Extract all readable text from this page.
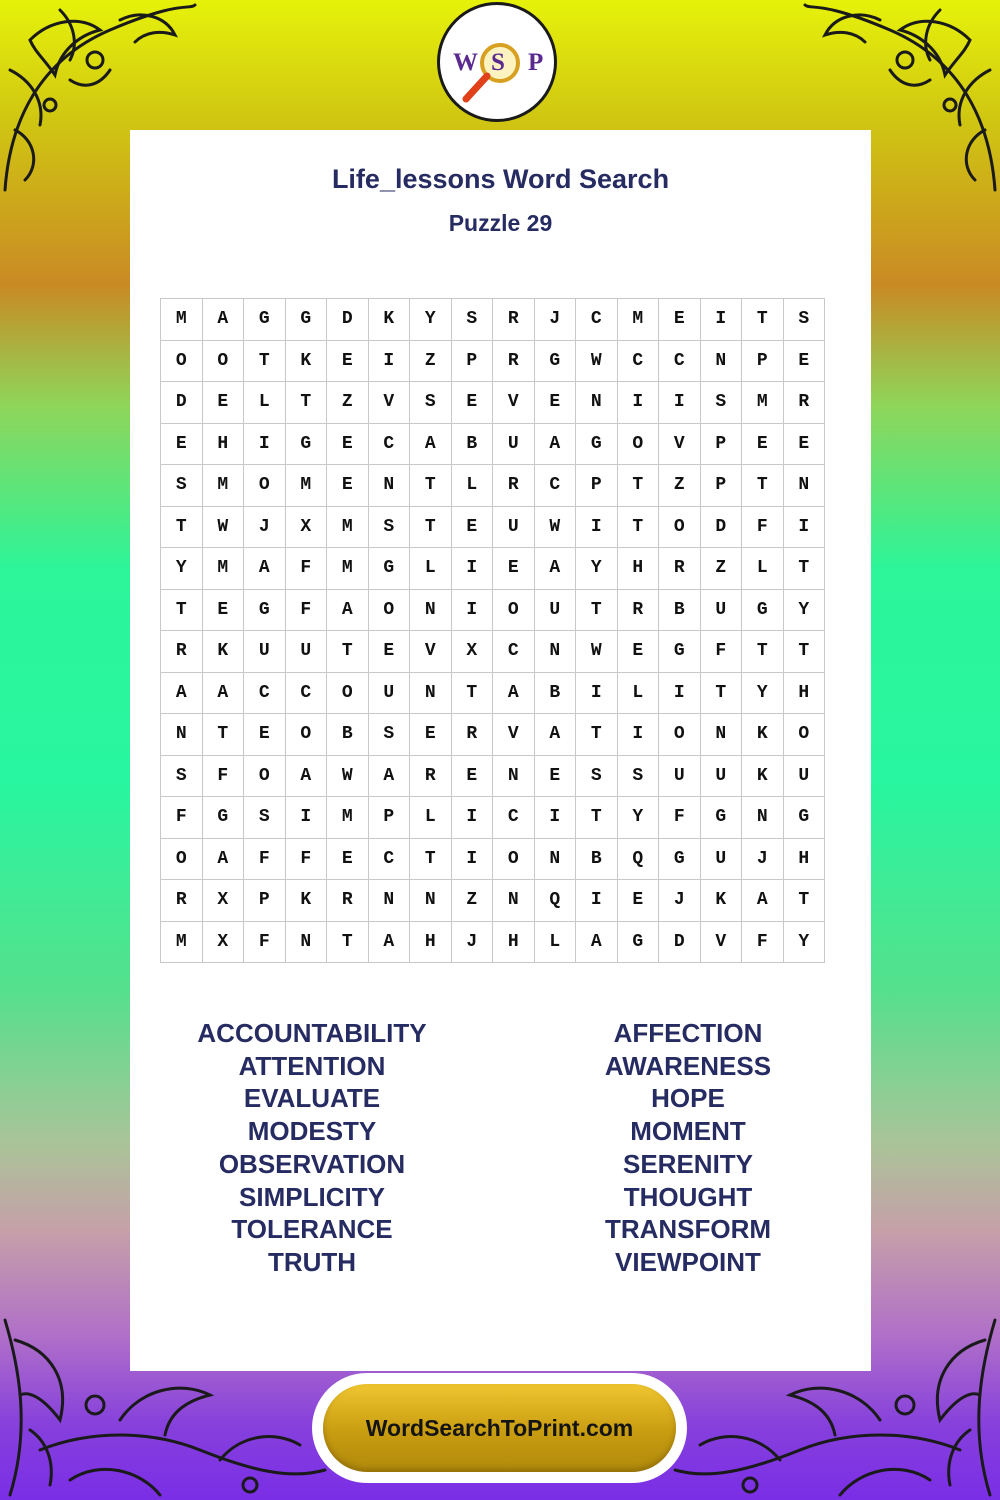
W S P
Life_lessons Word Search
Puzzle 29
M	A	G	G	D	K	Y	S	R	J	C	M	E	I	T	S
O	O	T	K	E	I	Z	P	R	G	W	C	C	N	P	E
D	E	L	T	Z	V	S	E	V	E	N	I	I	S	M	R
E	H	I	G	E	C	A	B	U	A	G	O	V	P	E	E
S	M	O	M	E	N	T	L	R	C	P	T	Z	P	T	N
T	W	J	X	M	S	T	E	U	W	I	T	O	D	F	I
Y	M	A	F	M	G	L	I	E	A	Y	H	R	Z	L	T
T	E	G	F	A	O	N	I	O	U	T	R	B	U	G	Y
R	K	U	U	T	E	V	X	C	N	W	E	G	F	T	T
A	A	C	C	O	U	N	T	A	B	I	L	I	T	Y	H
N	T	E	O	B	S	E	R	V	A	T	I	O	N	K	O
S	F	O	A	W	A	R	E	N	E	S	S	U	U	K	U
F	G	S	I	M	P	L	I	C	I	T	Y	F	G	N	G
O	A	F	F	E	C	T	I	O	N	B	Q	G	U	J	H
R	X	P	K	R	N	N	Z	N	Q	I	E	J	K	A	T
M	X	F	N	T	A	H	J	H	L	A	G	D	V	F	Y
ACCOUNTABILITY
ATTENTION
EVALUATE
MODESTY
OBSERVATION
SIMPLICITY
TOLERANCE
TRUTH
AFFECTION
AWARENESS
HOPE
MOMENT
SERENITY
THOUGHT
TRANSFORM
VIEWPOINT
WordSearchToPrint.com
